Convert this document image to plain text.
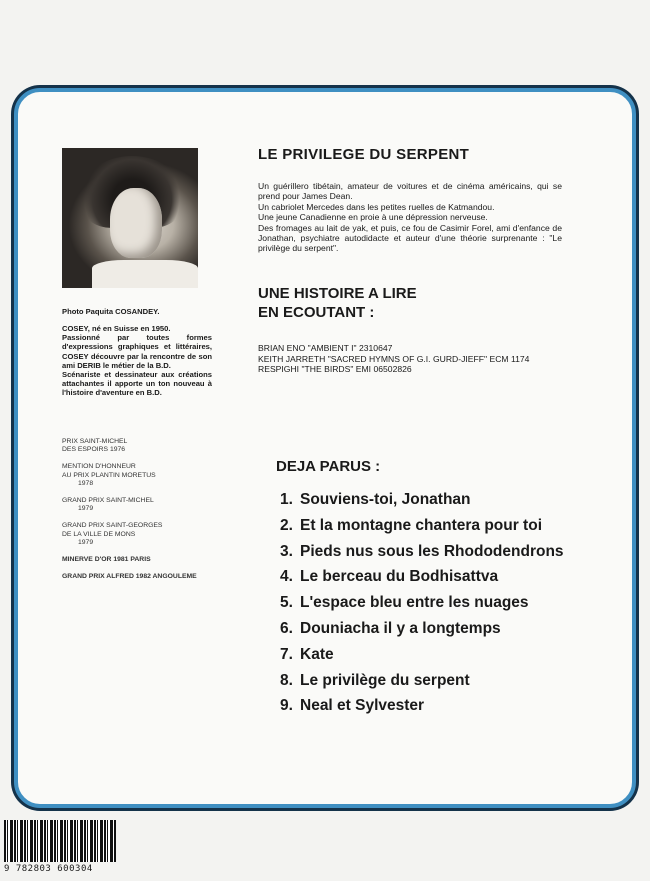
Photo Paquita COSANDEY.

COSEY, né en Suisse en 1950.

Passionné par toutes formes d'expressions graphiques et littéraires, COSEY découvre par la rencontre de son ami DERIB le métier de la B.D.

Scénariste et dessinateur aux créations attachantes il apporte un ton nouveau à l'histoire d'aventure en B.D.

PRIX SAINT-MICHEL
DES ESPOIRS 1976
MENTION D'HONNEUR
AU PRIX PLANTIN MORETUS
1978
GRAND PRIX SAINT-MICHEL
1979
GRAND PRIX SAINT-GEORGES
DE LA VILLE DE MONS
1979
MINERVE D'OR 1981 PARIS
GRAND PRIX ALFRED 1982 ANGOULEME
LE PRIVILEGE DU SERPENT

Un guérillero tibétain, amateur de voitures et de cinéma américains, qui se prend pour James Dean.

Un cabriolet Mercedes dans les petites ruelles de Katmandou.

Une jeune Canadienne en proie à une dépression nerveuse.

Des fromages au lait de yak, et puis, ce fou de Casimir Forel, ami d'enfance de Jonathan, psychiatre autodidacte et auteur d'une théorie surprenante : "Le privilège du serpent".

UNE HISTOIRE A LIRE
EN ECOUTANT :

BRIAN ENO "AMBIENT I" 2310647

KEITH JARRETH "SACRED HYMNS OF G.I. GURD-JIEFF" ECM 1174

RESPIGHI "THE BIRDS" EMI 06502826

DEJA PARUS :
1. Souviens-toi, Jonathan
2. Et la montagne chantera pour toi
3. Pieds nus sous les Rhododendrons
4. Le berceau du Bodhisattva
5. L'espace bleu entre les nuages
6. Douniacha il y a longtemps
7. Kate
8. Le privilège du serpent
9. Neal et Sylvester
9 782803 600304
